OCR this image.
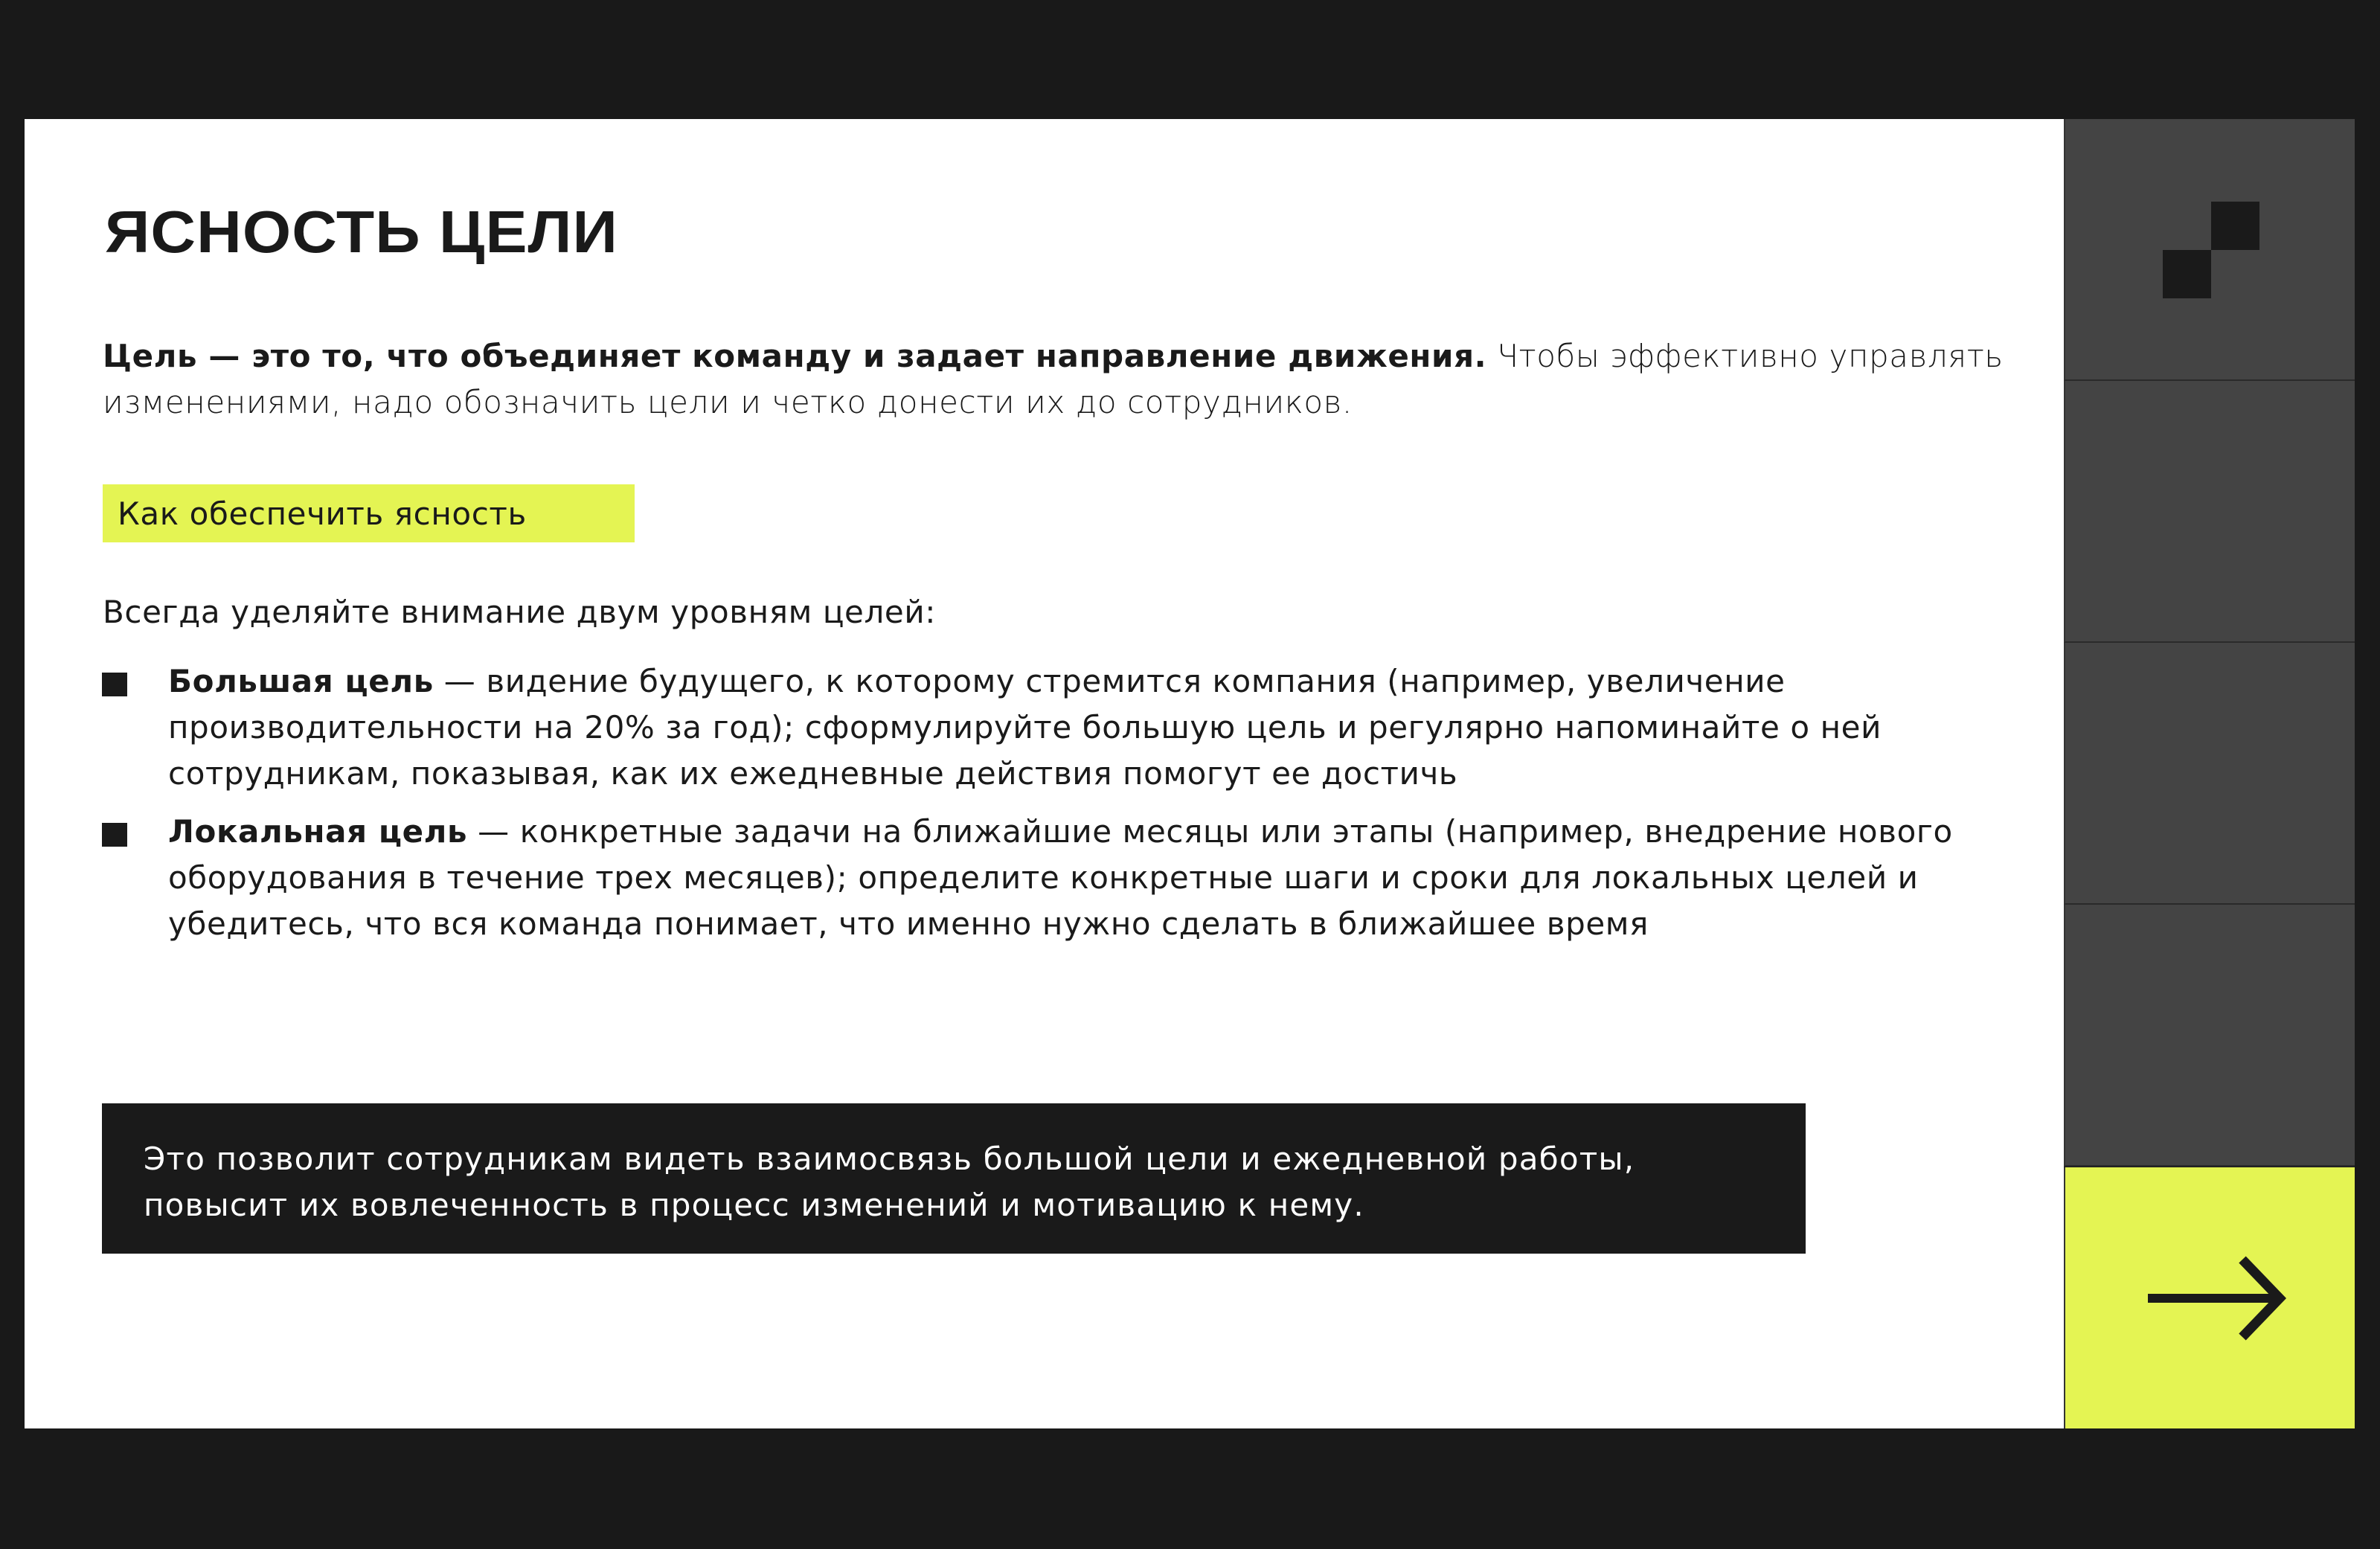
ЯСНОСТЬ ЦЕЛИ

Цель — это то, что объединяет команду и задает направление движения. Чтобы эффективно управлять изменениями, надо обозначить цели и четко донести их до сотрудников.

Как обеспечить ясность

Всегда уделяйте внимание двум уровням целей:

Большая цель — видение будущего, к которому стремится компания (например, увеличение производительности на 20% за год); сформулируйте большую цель и регулярно напоминайте о ней сотрудникам, показывая, как их ежедневные действия помогут ее достичь
Локальная цель — конкретные задачи на ближайшие месяцы или этапы (например, внедрение нового оборудования в течение трех месяцев); определите конкретные шаги и сроки для локальных целей и убедитесь, что вся команда понимает, что именно нужно сделать в ближайшее время
Это позволит сотрудникам видеть взаимосвязь большой цели и ежедневной работы, повысит их вовлеченность в процесс изменений и мотивацию к нему.
